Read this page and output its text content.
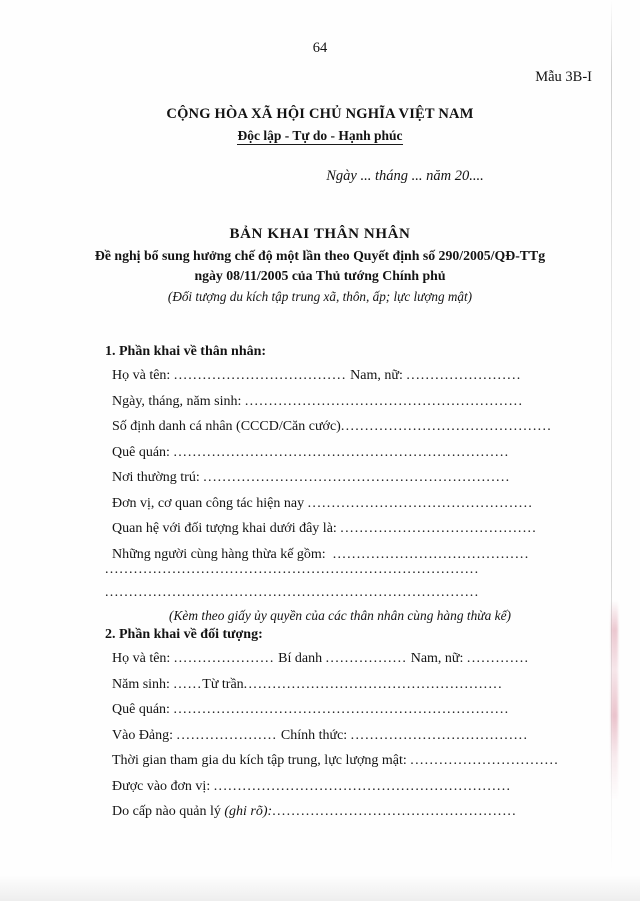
64
Mẫu 3B-I
CỘNG HÒA XÃ HỘI CHỦ NGHĨA VIỆT NAM
Độc lập - Tự do - Hạnh phúc
Ngày ... tháng ... năm 20....
BẢN KHAI THÂN NHÂN
Đề nghị bổ sung hưởng chế độ một lần theo Quyết định số 290/2005/QĐ-TTg
ngày 08/11/2005 của Thủ tướng Chính phủ
(Đối tượng du kích tập trung xã, thôn, ấp; lực lượng mật)
1. Phần khai về thân nhân:
Họ và tên: .................................... Nam, nữ: ........................
Ngày, tháng, năm sinh: ..........................................................
Số định danh cá nhân (CCCD/Căn cước)............................................
Quê quán: ......................................................................
Nơi thường trú: ................................................................
Đơn vị, cơ quan công tác hiện nay ...............................................
Quan hệ với đối tượng khai dưới đây là: .........................................
Những người cùng hàng thừa kế gồm:  .........................................
..............................................................................
..............................................................................
(Kèm theo giấy ủy quyền của các thân nhân cùng hàng thừa kế)
2. Phần khai về đối tượng:
Họ và tên: ..................... Bí danh ................. Nam, nữ: .............
Năm sinh: ......Từ trần......................................................
Quê quán: ......................................................................
Vào Đảng: ..................... Chính thức: .....................................
Thời gian tham gia du kích tập trung, lực lượng mật: ...............................
Được vào đơn vị: ..............................................................
Do cấp nào quản lý (ghi rõ):...................................................
